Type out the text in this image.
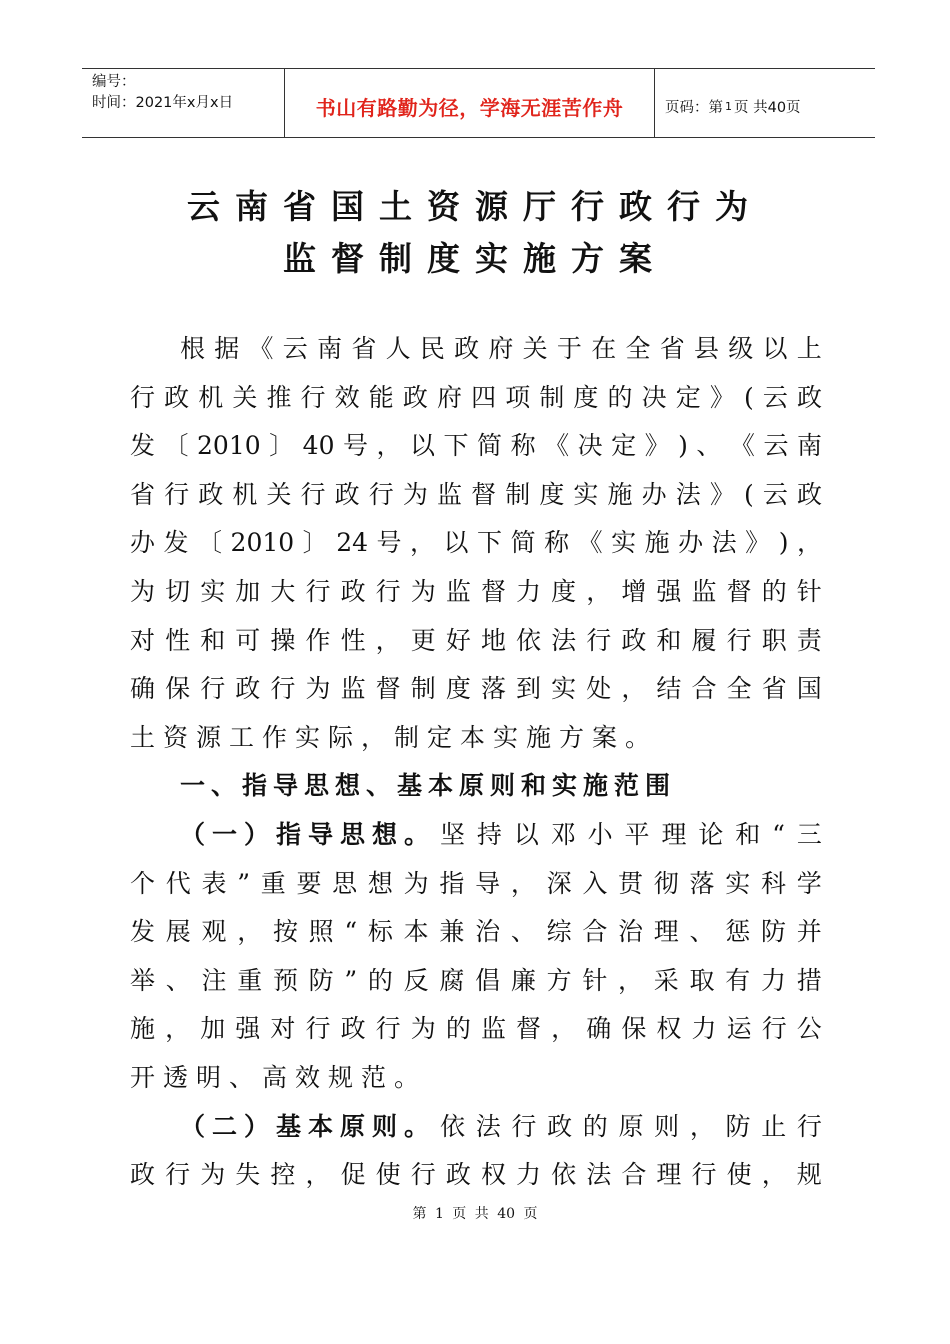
编号：
时间：2021年x月x日	书山有路勤为径，学海无涯苦作舟	页码：第 1 页 共40页
云南省国土资源厅行政行为
监督制度实施方案
根 据 《 云 南 省 人 民 政 府 关 于 在 全 省 县 级 以 上
行 政 机 关 推 行 效 能 政 府 四 项 制 度 的 决 定 》 ( 云 政
发 〔 2010 〕 40 号 ， 以 下 简 称 《 决 定 》 ) 、 《 云 南
省 行 政 机 关 行 政 行 为 监 督 制 度 实 施 办 法 》 ( 云 政
办 发 〔 2010 〕 24 号 ， 以 下 简 称 《 实 施 办 法 》 ) ，
为 切 实 加 大 行 政 行 为 监 督 力 度 ， 增 强 监 督 的 针
对 性 和 可 操 作 性 ， 更 好 地 依 法 行 政 和 履 行 职 责
确 保 行 政 行 为 监 督 制 度 落 到 实 处 ， 结 合 全 省 国
土资源工作实际，制定本实施方案。
一、指导思想、基本原则和实施范围
（一）指导思想。 坚 持 以 邓 小 平 理 论 和 “ 三
个 代 表 ” 重 要 思 想 为 指 导 ， 深 入 贯 彻 落 实 科 学
发 展 观 ， 按 照 “ 标 本 兼 治 、 综 合 治 理 、 惩 防 并
举 、 注 重 预 防 ” 的 反 腐 倡 廉 方 针 ， 采 取 有 力 措
施 ， 加 强 对 行 政 行 为 的 监 督 ， 确 保 权 力 运 行 公
开透明、高效规范。
（二）基本原则。 依 法 行 政 的 原 则 ， 防 止 行
政 行 为 失 控 ， 促 使 行 政 权 力 依 法 合 理 行 使 ， 规
第 1 页 共 40 页
